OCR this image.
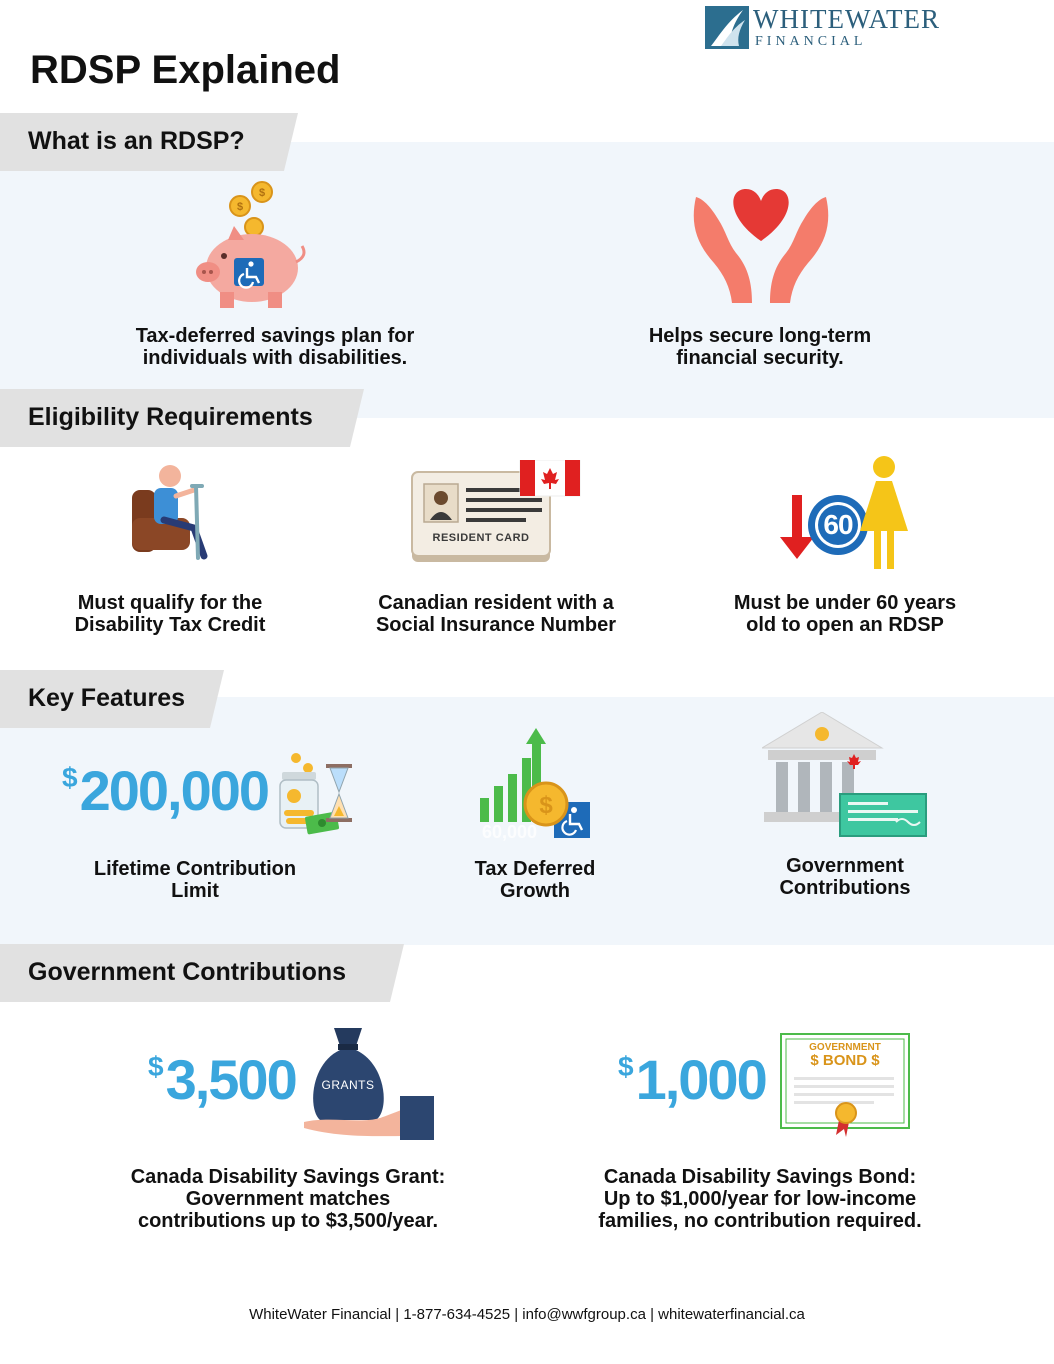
WHITEWATER
FINANCIAL
RDSP Explained
What is an RDSP?
$
$
Tax-deferred savings plan for
individuals with disabilities.
Helps secure long-term
financial security.
Eligibility Requirements
RESIDENT CARD	60
Must qualify for the
Disability Tax Credit
Canadian resident with a
Social Insurance Number
Must be under 60 years
old to open an RDSP
Key Features
$200,000	$
60,000
Lifetime Contribution
Limit
Tax Deferred
Growth
Government
Contributions
Government Contributions
$3,500	GRANTS
$1,000
GOVERNMENT
$ BOND $
Canada Disability Savings Grant:
Government matches
contributions up to $3,500/year.
Canada Disability Savings Bond:
Up to $1,000/year for low-income
families, no contribution required.
WhiteWater Financial | 1-877-634-4525 | info@wwfgroup.ca | whitewaterfinancial.ca
